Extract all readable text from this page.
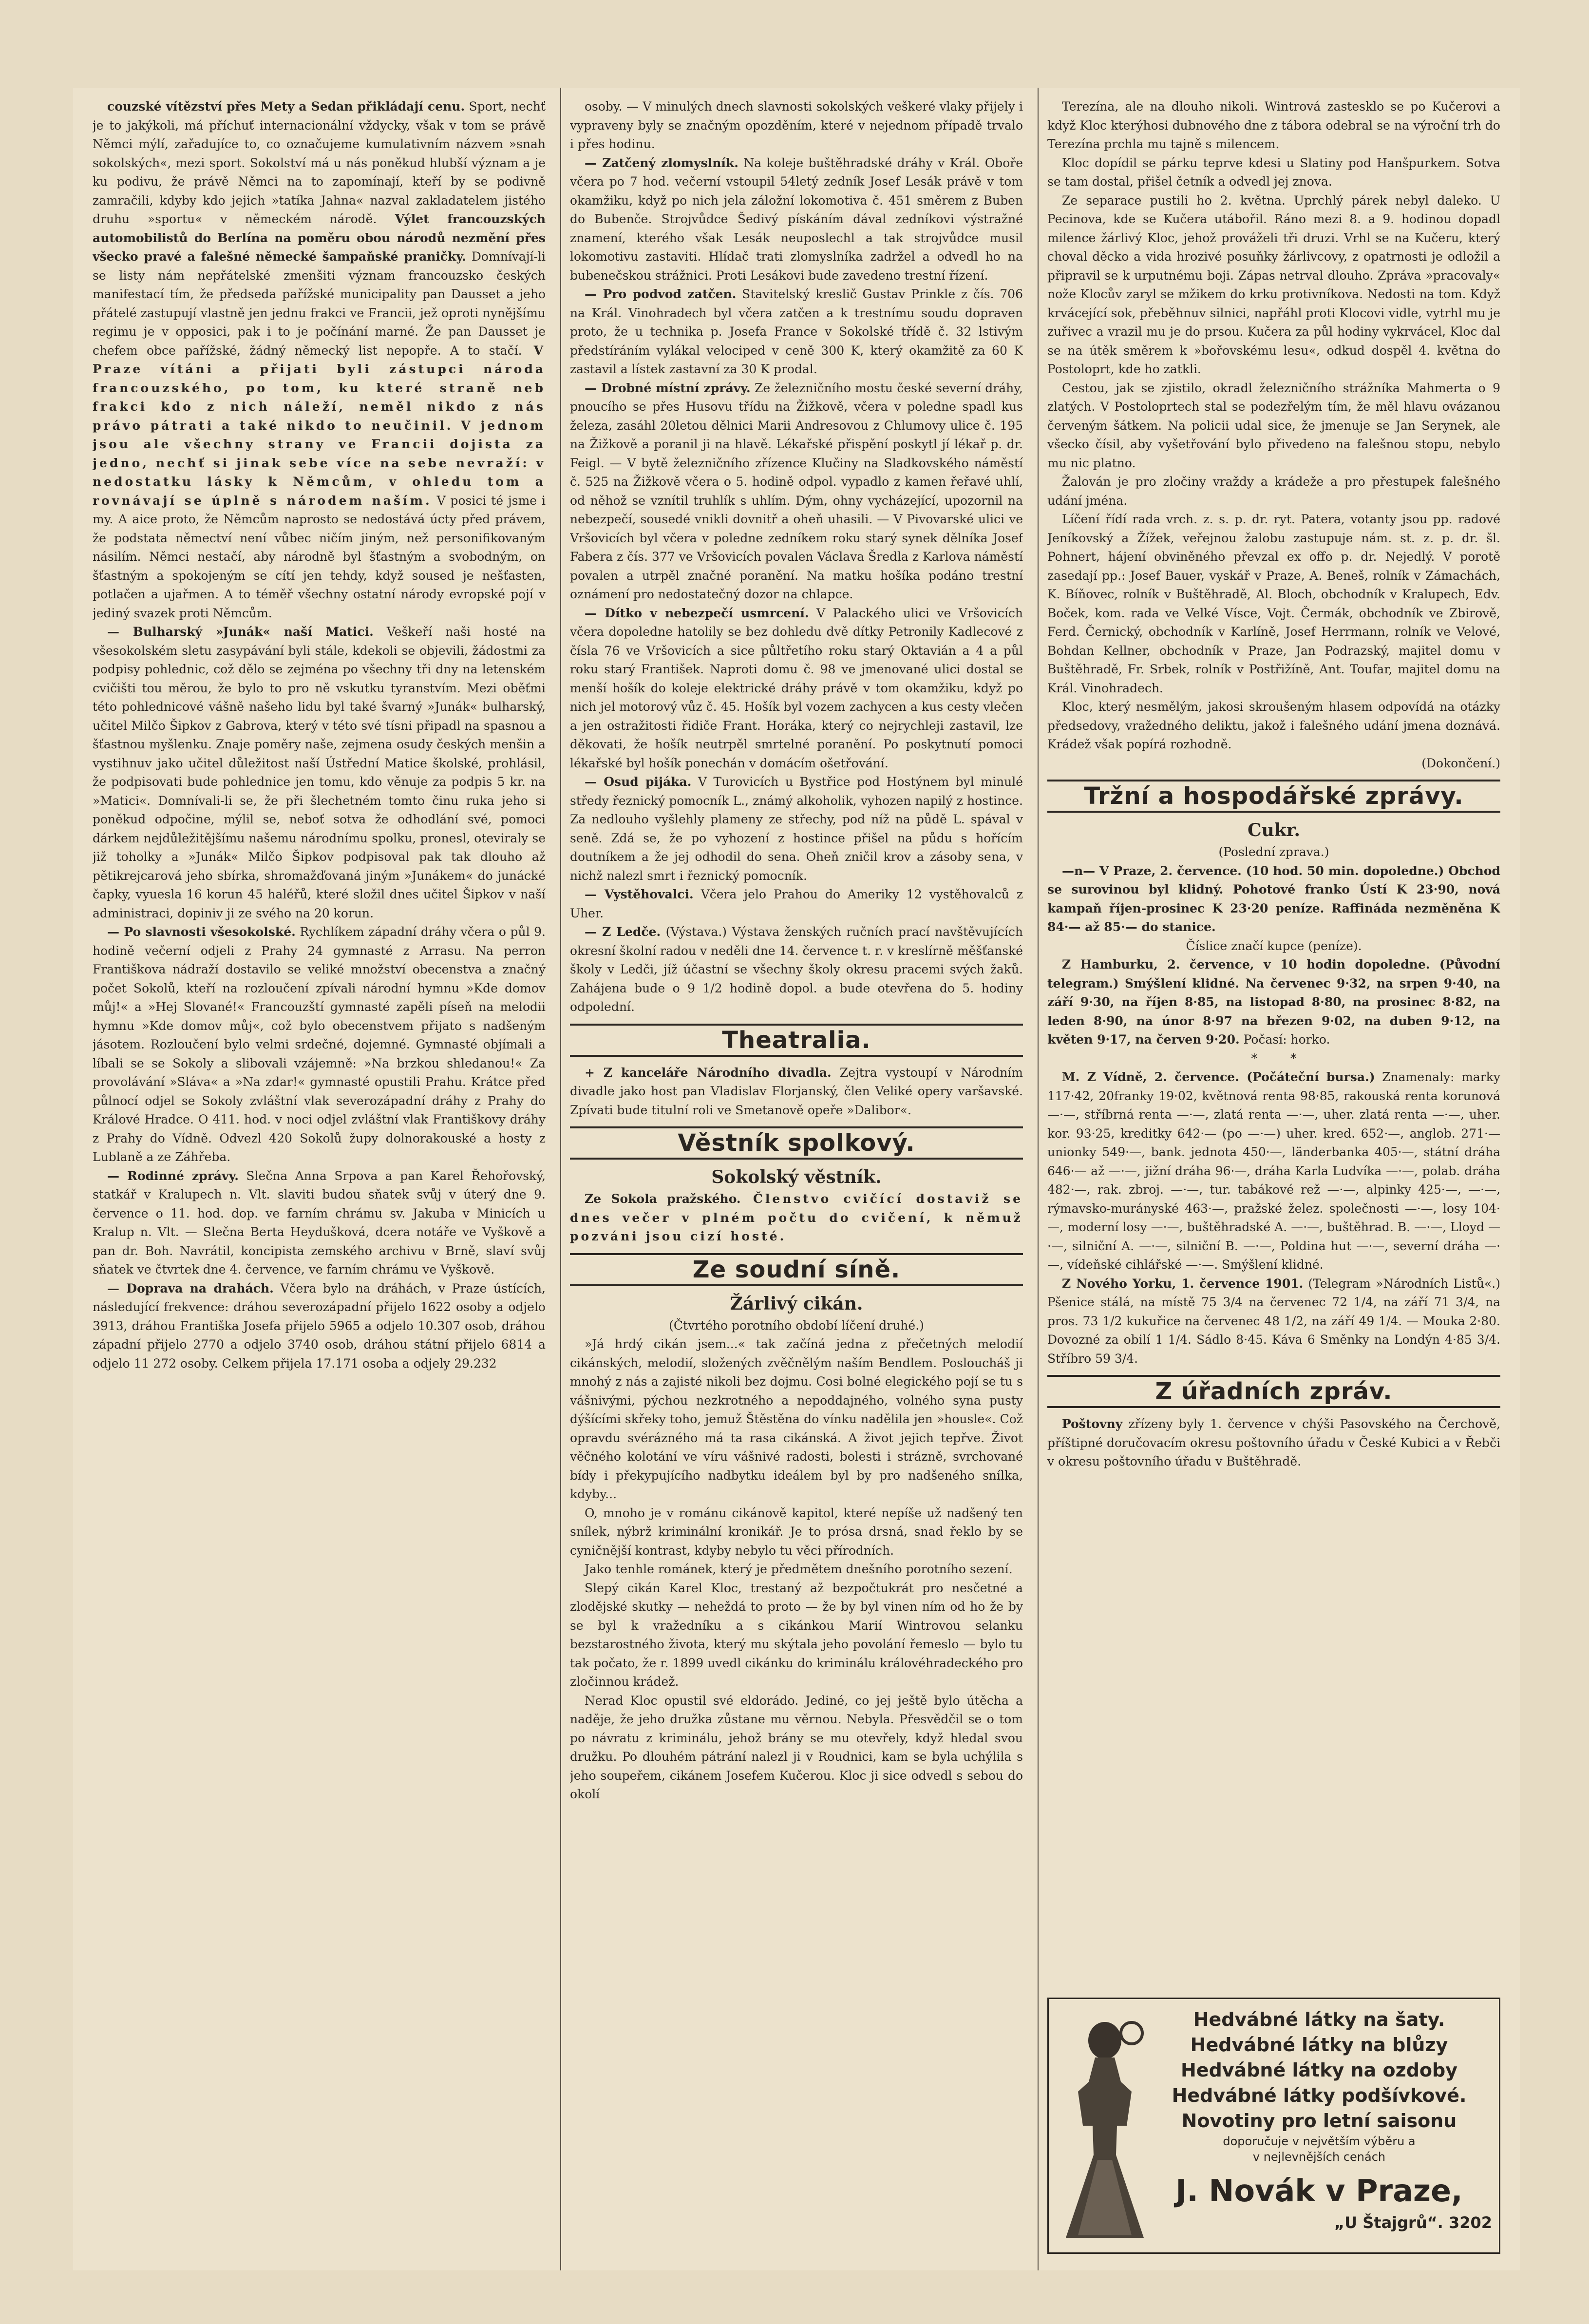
couzské vítězství přes Mety a Sedan přikládají cenu. Sport, nechť je to jakýkoli, má příchuť internacionální vždycky, však v tom se právě Němci mýlí, zařadujíce to, co označujeme kumulativním názvem »snah sokolských«, mezi sport. Sokolství má u nás poněkud hlubší význam a je ku podivu, že právě Němci na to zapomínají, kteří by se podivně zamračili, kdyby kdo jejich »tatíka Jahna« nazval zakladatelem jistého druhu »sportu« v německém národě. Výlet francouzských automobilistů do Berlína na poměru obou národů nezmění přes všecko pravé a falešné německé šampaňské praničky. Domnívají-li se listy nám nepřátelské zmenšiti význam francouzsko českých manifestací tím, že předseda pařížské municipality pan Dausset a jeho přátelé zastupují vlastně jen jednu frakci ve Francii, jež oproti nynějšímu regimu je v opposici, pak i to je počínání marné. Že pan Dausset je chefem obce pařížské, žádný německý list nepopře. A to stačí. V Praze vítáni a přijati byli zástupci národa francouzského, po tom, ku které straně neb frakci kdo z nich náleží, neměl nikdo z nás právo pátrati a také nikdo to neučinil. V jednom jsou ale všechny strany ve Francii dojista za jedno, nechť si jinak sebe více na sebe nevraží: v nedostatku lásky k Němcům, v ohledu tom a rovnávají se úplně s národem naším. V posici té jsme i my. A aice proto, že Němcům naprosto se nedostává úcty před právem, že podstata němectví není vůbec ničím jiným, než personifikovaným násilím. Němci nestačí, aby národně byl šťastným a svobodným, on šťastným a spokojeným se cítí jen tehdy, když soused je nešťasten, potlačen a ujařmen. A to téměř všechny ostatní národy evropské pojí v jediný svazek proti Němcům.

— Bulharský »Junák« naší Matici. Veškeří naši hosté na všesokolském sletu zasypávání byli stále, kdekoli se objevili, žádostmi za podpisy pohlednic, což dělo se zejména po všechny tři dny na letenském cvičišti tou měrou, že bylo to pro ně vskutku tyranstvím. Mezi oběťmi této pohlednicové vášně našeho lidu byl také švarný »Junák« bulharský, učitel Milčo Šipkov z Gabrova, který v této své tísni připadl na spasnou a šťastnou myšlenku. Znaje poměry naše, zejmena osudy českých menšin a vystihnuv jako učitel důležitost naší Ústřední Matice školské, prohlásil, že podpisovati bude pohlednice jen tomu, kdo věnuje za podpis 5 kr. na »Matici«. Domnívali-li se, že při šlechetném tomto činu ruka jeho si poněkud odpočine, mýlil se, neboť sotva že odhodlání své, pomoci dárkem nejdůležitějšímu našemu národnímu spolku, pronesl, oteviraly se již toholky a »Junák« Milčo Šipkov podpisoval pak tak dlouho až pětikrejcarová jeho sbírka, shromažďovaná jiným »Junákem« do junácké čapky, vyuesla 16 korun 45 haléřů, které složil dnes učitel Šipkov v naší administraci, dopiniv ji ze svého na 20 korun.

— Po slavnosti všesokolské. Rychlíkem západní dráhy včera o půl 9. hodině večerní odjeli z Prahy 24 gymnasté z Arrasu. Na perron Františkova nádraží dostavilo se veliké množství obecenstva a značný počet Sokolů, kteří na rozloučení zpívali národní hymnu »Kde domov můj!« a »Hej Slované!« Francouzští gymnasté zapěli píseň na melodii hymnu »Kde domov můj«, což bylo obecenstvem přijato s nadšeným jásotem. Rozloučení bylo velmi srdečné, dojemné. Gymnasté objímali a líbali se se Sokoly a slibovali vzájemně: »Na brzkou shledanou!« Za provolávání »Sláva« a »Na zdar!« gymnasté opustili Prahu. Krátce před půlnocí odjel se Sokoly zvláštní vlak severozápadní dráhy z Prahy do Králové Hradce. O 411. hod. v noci odjel zvláštní vlak Františkovy dráhy z Prahy do Vídně. Odvezl 420 Sokolů župy dolnorakouské a hosty z Lublaně a ze Záhřeba.

— Rodinné zprávy. Slečna Anna Srpova a pan Karel Řehořovský, statkář v Kralupech n. Vlt. slaviti budou sňatek svůj v úterý dne 9. července o 11. hod. dop. ve farním chrámu sv. Jakuba v Minicích u Kralup n. Vlt. — Slečna Berta Heydušková, dcera notáře ve Vyškově a pan dr. Boh. Navrátil, koncipista zemského archivu v Brně, slaví svůj sňatek ve čtvrtek dne 4. července, ve farním chrámu ve Vyškově.

— Doprava na drahách. Včera bylo na dráhách, v Praze ústících, následující frekvence: dráhou severozápadní přijelo 1622 osoby a odjelo 3913, dráhou Františka Josefa přijelo 5965 a odjelo 10.307 osob, dráhou západní přijelo 2770 a odjelo 3740 osob, dráhou státní přijelo 6814 a odjelo 11 272 osoby. Celkem přijela 17.171 osoba a odjely 29.232

osoby. — V minulých dnech slavnosti sokolských veškeré vlaky přijely i vypraveny byly se značným opozděním, které v nejednom případě trvalo i přes hodinu.

— Zatčený zlomyslník. Na koleje buštěhradské dráhy v Král. Oboře včera po 7 hod. večerní vstoupil 54letý zedník Josef Lesák právě v tom okamžiku, když po nich jela záložní lokomotiva č. 451 směrem z Buben do Bubenče. Strojvůdce Šedivý pískáním dával zedníkovi výstražné znamení, kterého však Lesák neuposlechl a tak strojvůdce musil lokomotivu zastaviti. Hlídač trati zlomyslníka zadržel a odvedl ho na bubenečskou strážnici. Proti Lesákovi bude zavedeno trestní řízení.

— Pro podvod zatčen. Stavitelský kreslič Gustav Prinkle z čís. 706 na Král. Vinohradech byl včera zatčen a k trestnímu soudu dopraven proto, že u technika p. Josefa France v Sokolské třídě č. 32 lstivým předstíráním vylákal velociped v ceně 300 K, který okamžitě za 60 K zastavil a lístek zastavní za 30 K prodal.

— Drobné místní zprávy. Ze železničního mostu české severní dráhy, pnoucího se přes Husovu třídu na Žižkově, včera v poledne spadl kus železa, zasáhl 20letou dělnici Marii Andresovou z Chlumovy ulice č. 195 na Žižkově a poranil ji na hlavě. Lékařské přispění poskytl jí lékař p. dr. Feigl. — V bytě železničního zřízence Klučiny na Sladkovského náměstí č. 525 na Žižkově včera o 5. hodině odpol. vypadlo z kamen řeřavé uhlí, od něhož se vznítil truhlík s uhlím. Dým, ohny vycházející, upozornil na nebezpečí, sousedé vnikli dovnitř a oheň uhasili. — V Pivovarské ulici ve Vršovicích byl včera v poledne zedníkem roku starý synek dělníka Josef Fabera z čís. 377 ve Vršovicích povalen Václava Šredla z Karlova náměstí povalen a utrpěl značné poranění. Na matku hošíka podáno trestní oznámení pro nedostatečný dozor na chlapce.

— Dítko v nebezpečí usmrcení. V Palackého ulici ve Vršovicích včera dopoledne hatolily se bez dohledu dvě dítky Petronily Kadlecové z čísla 76 ve Vršovicích a sice půltřetího roku starý Oktavián a 4 a půl roku starý František. Naproti domu č. 98 ve jmenované ulici dostal se menší hošík do koleje elektrické dráhy právě v tom okamžiku, když po nich jel motorový vůz č. 45. Hošík byl vozem zachycen a kus cesty vlečen a jen ostražitosti řidiče Frant. Horáka, který co nejrychleji zastavil, lze děkovati, že hošík neutrpěl smrtelné poranění. Po poskytnutí pomoci lékařské byl hošík ponechán v domácím ošetřování.

— Osud pijáka. V Turovicích u Bystřice pod Hostýnem byl minulé středy řeznický pomocník L., známý alkoholik, vyhozen napilý z hostince. Za nedlouho vyšlehly plameny ze střechy, pod níž na půdě L. spával v seně. Zdá se, že po vyhození z hostince přišel na půdu s hořícím doutníkem a že jej odhodil do sena. Oheň zničil krov a zásoby sena, v nichž nalezl smrt i řeznický pomocník.

— Vystěhovalci. Včera jelo Prahou do Ameriky 12 vystěhovalců z Uher.

— Z Ledče. (Výstava.) Výstava ženských ručních prací navštěvujících okresní školní radou v neděli dne 14. července t. r. v kreslírně měšťanské školy v Ledči, jíž účastní se všechny školy okresu pracemi svých žaků. Zahájena bude o 9 1/2 hodině dopol. a bude otevřena do 5. hodiny odpolední.

Theatralia.

+ Z kanceláře Národního divadla. Zejtra vystoupí v Národním divadle jako host pan Vladislav Florjanský, člen Veliké opery varšavské. Zpívati bude titulní roli ve Smetanově opeře »Dalibor«.

Věstník spolkový.
Sokolský věstník.

Ze Sokola pražského. Členstvo cvičící dostaviž se dnes večer v plném počtu do cvičení, k němuž pozváni jsou cizí hosté.

Ze soudní síně.
Žárlivý cikán.

(Čtvrtého porotního období líčení druhé.)

»Já hrdý cikán jsem...« tak začíná jedna z přečetných melodií cikánských, melodií, složených zvěčnělým naším Bendlem. Posloucháš ji mnohý z nás a zajisté nikoli bez dojmu. Cosi bolné elegického pojí se tu s vášnivými, pýchou nezkrotného a nepoddajného, volného syna pusty dýšícími skřeky toho, jemuž Štěstěna do vínku nadělila jen »housle«. Což opravdu svérázného má ta rasa cikánská. A život jejich tepřve. Život věčného kolotání ve víru vášnivé radosti, bolesti i strázně, svrchované bídy i překypujícího nadbytku ideálem byl by pro nadšeného snílka, kdyby...

O, mnoho je v románu cikánově kapitol, které nepíše už nadšený ten snílek, nýbrž kriminální kronikář. Je to prósa drsná, snad řeklo by se cyničnější kontrast, kdyby nebylo tu věci přírodních.

Jako tenhle románek, který je předmětem dnešního porotního sezení.

Slepý cikán Karel Kloc, trestaný až bezpočtukrát pro nesčetné a zlodějské skutky — neheždá to proto — že by byl vinen ním od ho že by se byl k vražedníku a s cikánkou Marií Wintrovou selanku bezstarostného života, který mu skýtala jeho povolání řemeslo — bylo tu tak počato, že r. 1899 uvedl cikánku do kriminálu královéhradeckého pro zločinnou krádež.

Nerad Kloc opustil své eldorádo. Jediné, co jej ještě bylo útěcha a naděje, že jeho družka zůstane mu věrnou. Nebyla. Přesvědčil se o tom po návratu z kriminálu, jehož brány se mu otevřely, když hledal svou družku. Po dlouhém pátrání nalezl ji v Roudnici, kam se byla uchýlila s jeho soupeřem, cikánem Josefem Kučerou. Kloc ji sice odvedl s sebou do okolí

Terezína, ale na dlouho nikoli. Wintrová zastesklo se po Kučerovi a když Kloc kterýhosi dubnového dne z tábora odebral se na výroční trh do Terezína prchla mu tajně s milencem.

Kloc dopídil se párku teprve kdesi u Slatiny pod Hanšpurkem. Sotva se tam dostal, přišel četník a odvedl jej znova.

Ze separace pustili ho 2. května. Uprchlý párek nebyl daleko. U Pecinova, kde se Kučera utábořil. Ráno mezi 8. a 9. hodinou dopadl milence žárlivý Kloc, jehož prováželi tři druzi. Vrhl se na Kučeru, který choval děcko a vida hrozivé posuňky žárlivcovy, z opatrnosti je odložil a připravil se k urputnému boji. Zápas netrval dlouho. Zpráva »pracovaly« nože Klocův zaryl se mžikem do krku protivníkova. Nedosti na tom. Když krvácející sok, přeběhnuv silnici, napřáhl proti Klocovi vidle, vytrhl mu je zuřivec a vrazil mu je do prsou. Kučera za půl hodiny vykrvácel, Kloc dal se na útěk směrem k »bořovskému lesu«, odkud dospěl 4. května do Postoloprt, kde ho zatkli.

Cestou, jak se zjistilo, okradl železničního strážníka Mahmerta o 9 zlatých. V Postoloprtech stal se podezřelým tím, že měl hlavu ovázanou červeným šátkem. Na policii udal sice, že jmenuje se Jan Serynek, ale všecko čísil, aby vyšetřování bylo přivedeno na falešnou stopu, nebylo mu nic platno.

Žalován je pro zločiny vraždy a krádeže a pro přestupek falešného udání jména.

Líčení řídí rada vrch. z. s. p. dr. ryt. Patera, votanty jsou pp. radové Jeníkovský a Žížek, veřejnou žalobu zastupuje nám. st. z. p. dr. šl. Pohnert, hájení obviněného převzal ex offo p. dr. Nejedlý. V porotě zasedají pp.: Josef Bauer, vyskář v Praze, A. Beneš, rolník v Zámachách, K. Bíňovec, rolník v Buštěhradě, Al. Bloch, obchodník v Kralupech, Edv. Boček, kom. rada ve Velké Vísce, Vojt. Čermák, obchodník ve Zbirově, Ferd. Černický, obchodník v Karlíně, Josef Herrmann, rolník ve Velové, Bohdan Kellner, obchodník v Praze, Jan Podrazský, majitel domu v Buštěhradě, Fr. Srbek, rolník v Postřižíně, Ant. Toufar, majitel domu na Král. Vinohradech.

Kloc, který nesmělým, jakosi skroušeným hlasem odpovídá na otázky předsedovy, vražedného deliktu, jakož i falešného udání jmena doznává. Krádež však popírá rozhodně.

(Dokončení.)

Tržní a hospodářské zprávy.
Cukr.

(Poslední zprava.)

—n— V Praze, 2. července. (10 hod. 50 min. dopoledne.) Obchod se surovinou byl klidný. Pohotové franko Ústí K 23·90, nová kampaň říjen-prosinec K 23·20 peníze. Raffináda nezměněna K 84·— až 85·— do stanice.

Číslice značí kupce (peníze).

Z Hamburku, 2. července, v 10 hodin dopoledne. (Původní telegram.) Smýšlení klidné. Na červenec 9·32, na srpen 9·40, na září 9·30, na říjen 8·85, na listopad 8·80, na prosinec 8·82, na leden 8·90, na únor 8·97 na březen 9·02, na duben 9·12, na květen 9·17, na červen 9·20. Počasí: horko.

* *

M. Z Vídně, 2. července. (Počáteční bursa.) Znamenaly: marky 117·42, 20franky 19·02, květnová renta 98·85, rakouská renta korunová —·—, stříbrná renta —·—, zlatá renta —·—, uher. zlatá renta —·—, uher. kor. 93·25, kreditky 642·— (po —·—) uher. kred. 652·—, anglob. 271·— unionky 549·—, bank. jednota 450·—, länderbanka 405·—, státní dráha 646·— až —·—, jižní dráha 96·—, dráha Karla Ludvíka —·—, polab. dráha 482·—, rak. zbroj. —·—, tur. tabákové rež —·—, alpinky 425·—, —·—, rýmavsko-murányské 463·—, pražské želez. společnosti —·—, losy 104·—, moderní losy —·—, buštěhradské A. —·—, buštěhrad. B. —·—, Lloyd —·—, silniční A. —·—, silniční B. —·—, Poldina hut —·—, severní dráha —·—, vídeňské cihlářské —·—. Smýšlení klidné.

Z Nového Yorku, 1. července 1901. (Telegram »Národních Listů«.) Pšenice stálá, na místě 75 3/4 na červenec 72 1/4, na září 71 3/4, na pros. 73 1/2 kukuřice na červenec 48 1/2, na září 49 1/4. — Mouka 2·80. Dovozné za obilí 1 1/4. Sádlo 8·45. Káva 6 Směnky na Londýn 4·85 3/4. Stříbro 59 3/4.

Z úřadních zpráv.

Poštovny zřízeny byly 1. července v chýši Pasovského na Čerchově, příštipné doručovacím okresu poštovního úřadu v České Kubici a v Řebči v okresu poštovního úřadu v Buštěhradě.

Hedvábné látky na šaty.
Hedvábné látky na blůzy
Hedvábné látky na ozdoby
Hedvábné látky podšívkové.
Novotiny pro letní saisonu
doporučuje v největším výběru a
v nejlevnějších cenách
J. Novák v Praze,
„U Štajgrů“. 3202
